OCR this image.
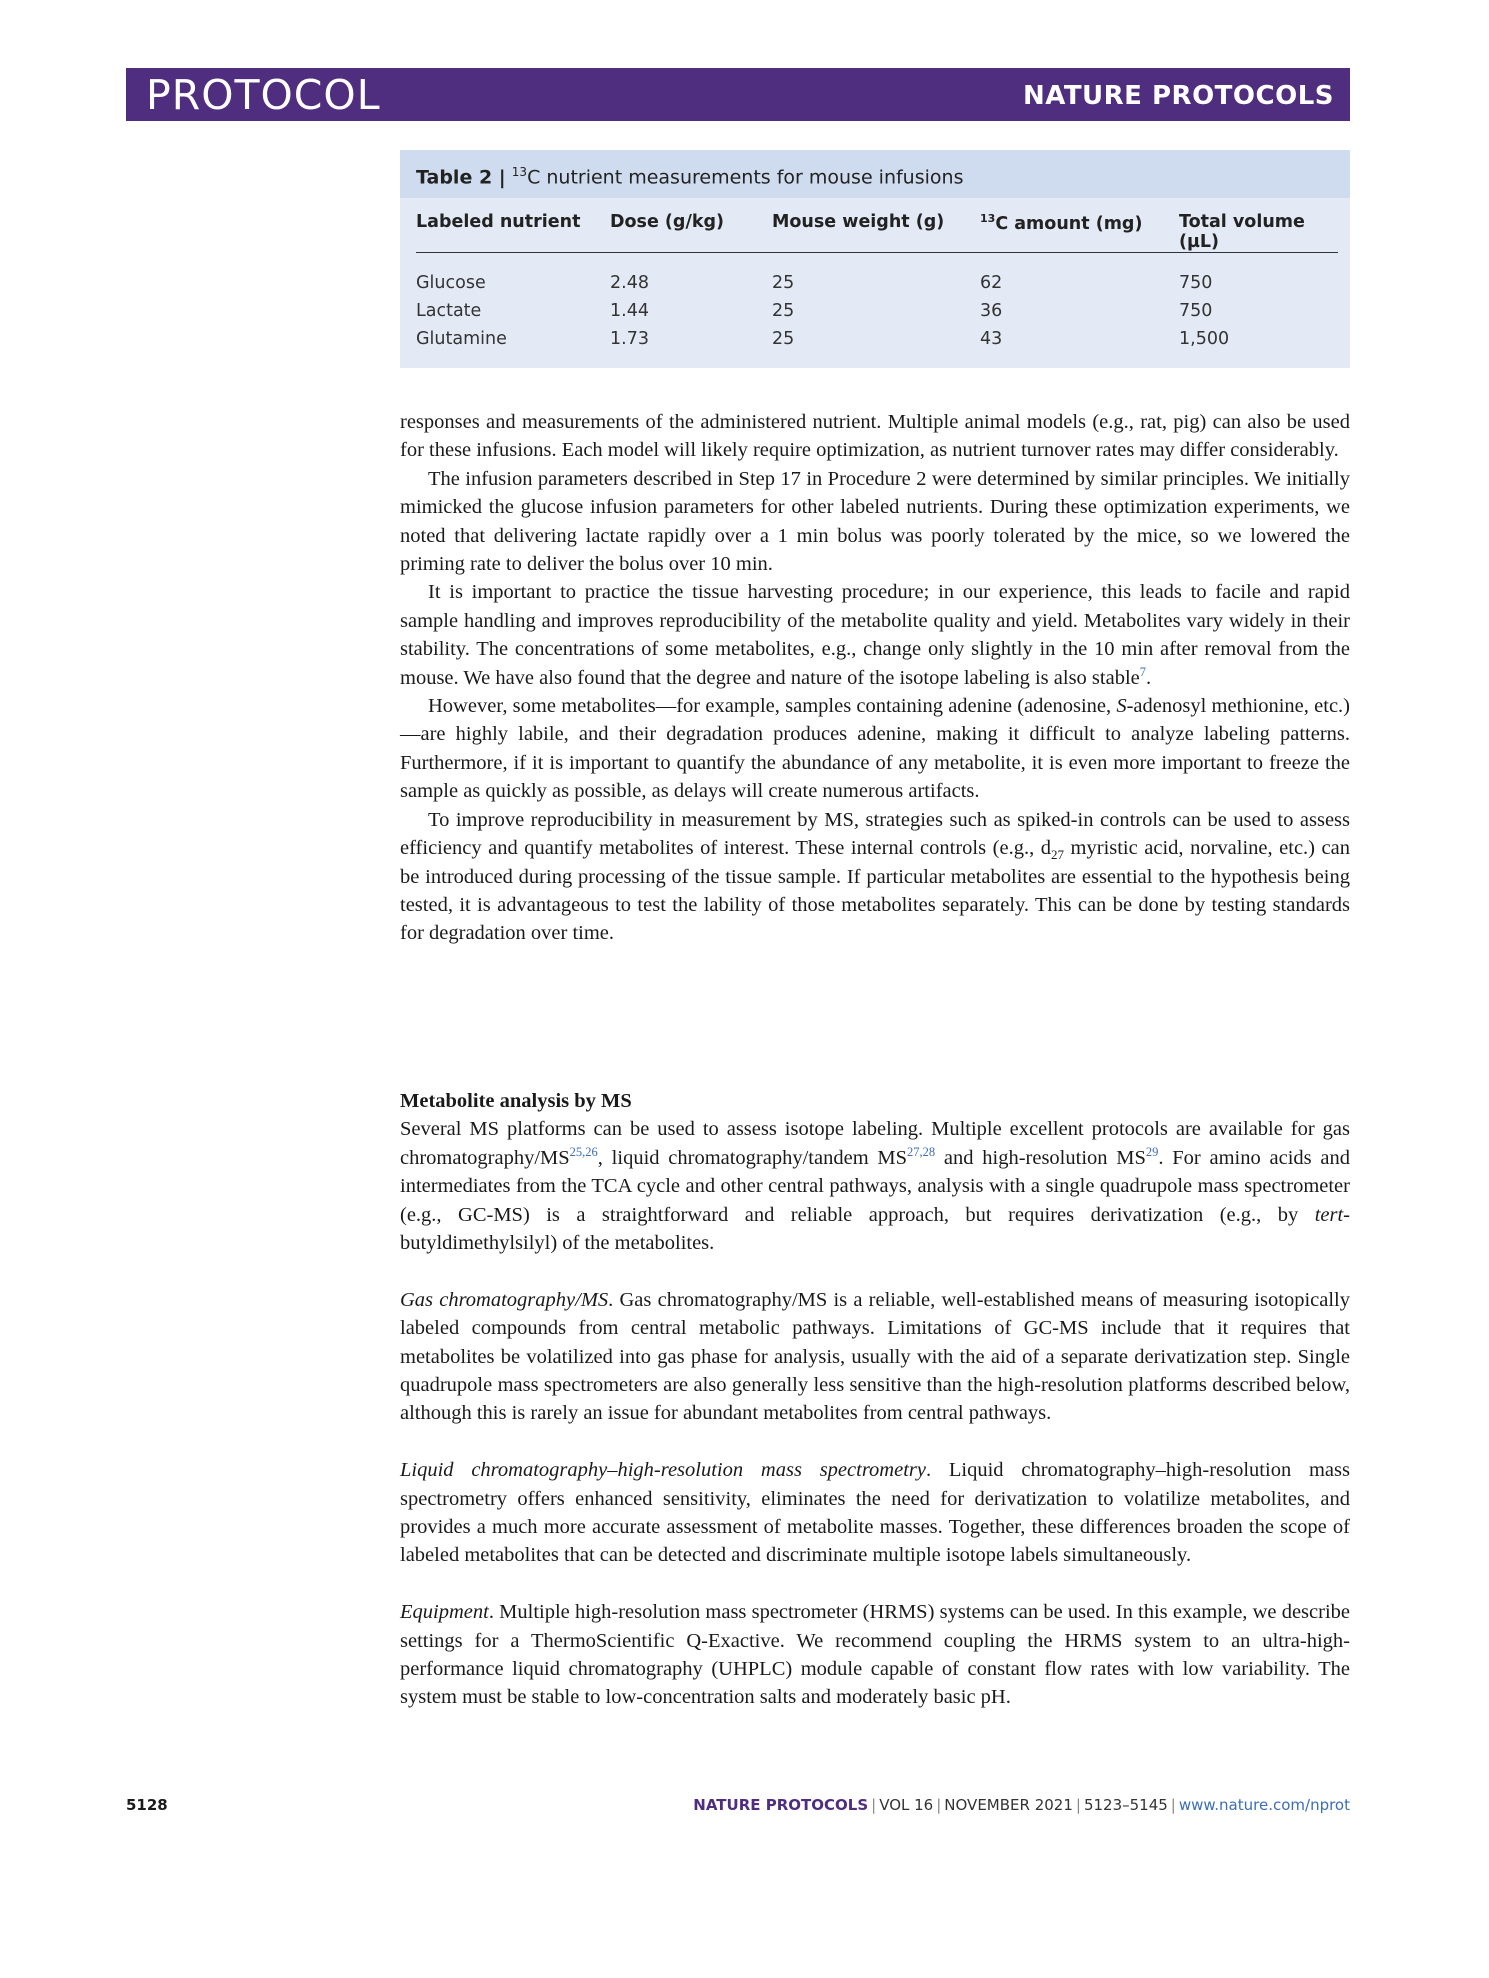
PROTOCOL	NATURE PROTOCOLS
Table 2 | $^{13}$C nutrient measurements for mouse infusions
Labeled nutrient	Dose (g/kg)	Mouse weight (g)	$^{13}$C amount (mg)	Total volume (µL)
Glucose	2.48	25	62	750
Lactate	1.44	25	36	750
Glutamine	1.73	25	43	1,500

responses and measurements of the administered nutrient. Multiple animal models (e.g., rat, pig) can also be used for these infusions. Each model will likely require optimization, as nutrient turnover rates may differ considerably.

The infusion parameters described in Step 17 in Procedure 2 were determined by similar principles. We initially mimicked the glucose infusion parameters for other labeled nutrients. During these optimization experiments, we noted that delivering lactate rapidly over a 1 min bolus was poorly tolerated by the mice, so we lowered the priming rate to deliver the bolus over 10 min.

It is important to practice the tissue harvesting procedure; in our experience, this leads to facile and rapid sample handling and improves reproducibility of the metabolite quality and yield. Metabolites vary widely in their stability. The concentrations of some metabolites, e.g., change only slightly in the 10 min after removal from the mouse. We have also found that the degree and nature of the isotope labeling is also stable$^7$.

However, some metabolites—for example, samples containing adenine (adenosine, S-adenosyl methionine, etc.)—are highly labile, and their degradation produces adenine, making it difficult to analyze labeling patterns. Furthermore, if it is important to quantify the abundance of any metabolite, it is even more important to freeze the sample as quickly as possible, as delays will create numerous artifacts.

To improve reproducibility in measurement by MS, strategies such as spiked-in controls can be used to assess efficiency and quantify metabolites of interest. These internal controls (e.g., $d_{27}$ myristic acid, norvaline, etc.) can be introduced during processing of the tissue sample. If particular metabolites are essential to the hypothesis being tested, it is advantageous to test the lability of those metabolites separately. This can be done by testing standards for degradation over time.

Metabolite analysis by MS

Several MS platforms can be used to assess isotope labeling. Multiple excellent protocols are available for gas chromatography/MS$^{25,26}$, liquid chromatography/tandem MS$^{27,28}$ and high-resolution MS$^{29}$. For amino acids and intermediates from the TCA cycle and other central pathways, analysis with a single quadrupole mass spectrometer (e.g., GC-MS) is a straightforward and reliable approach, but requires derivatization (e.g., by tert-butyldimethylsilyl) of the metabolites.

Gas chromatography/MS. Gas chromatography/MS is a reliable, well-established means of measuring isotopically labeled compounds from central metabolic pathways. Limitations of GC-MS include that it requires that metabolites be volatilized into gas phase for analysis, usually with the aid of a separate derivatization step. Single quadrupole mass spectrometers are also generally less sensitive than the high-resolution platforms described below, although this is rarely an issue for abundant metabolites from central pathways.

Liquid chromatography–high-resolution mass spectrometry. Liquid chromatography–high-resolution mass spectrometry offers enhanced sensitivity, eliminates the need for derivatization to volatilize metabolites, and provides a much more accurate assessment of metabolite masses. Together, these differences broaden the scope of labeled metabolites that can be detected and discriminate multiple isotope labels simultaneously.

Equipment. Multiple high-resolution mass spectrometer (HRMS) systems can be used. In this example, we describe settings for a ThermoScientific Q-Exactive. We recommend coupling the HRMS system to an ultra-high-performance liquid chromatography (UHPLC) module capable of constant flow rates with low variability. The system must be stable to low-concentration salts and moderately basic pH.

5128	NATURE PROTOCOLS | VOL 16 | NOVEMBER 2021 | 5123–5145 | www.nature.com/nprot
